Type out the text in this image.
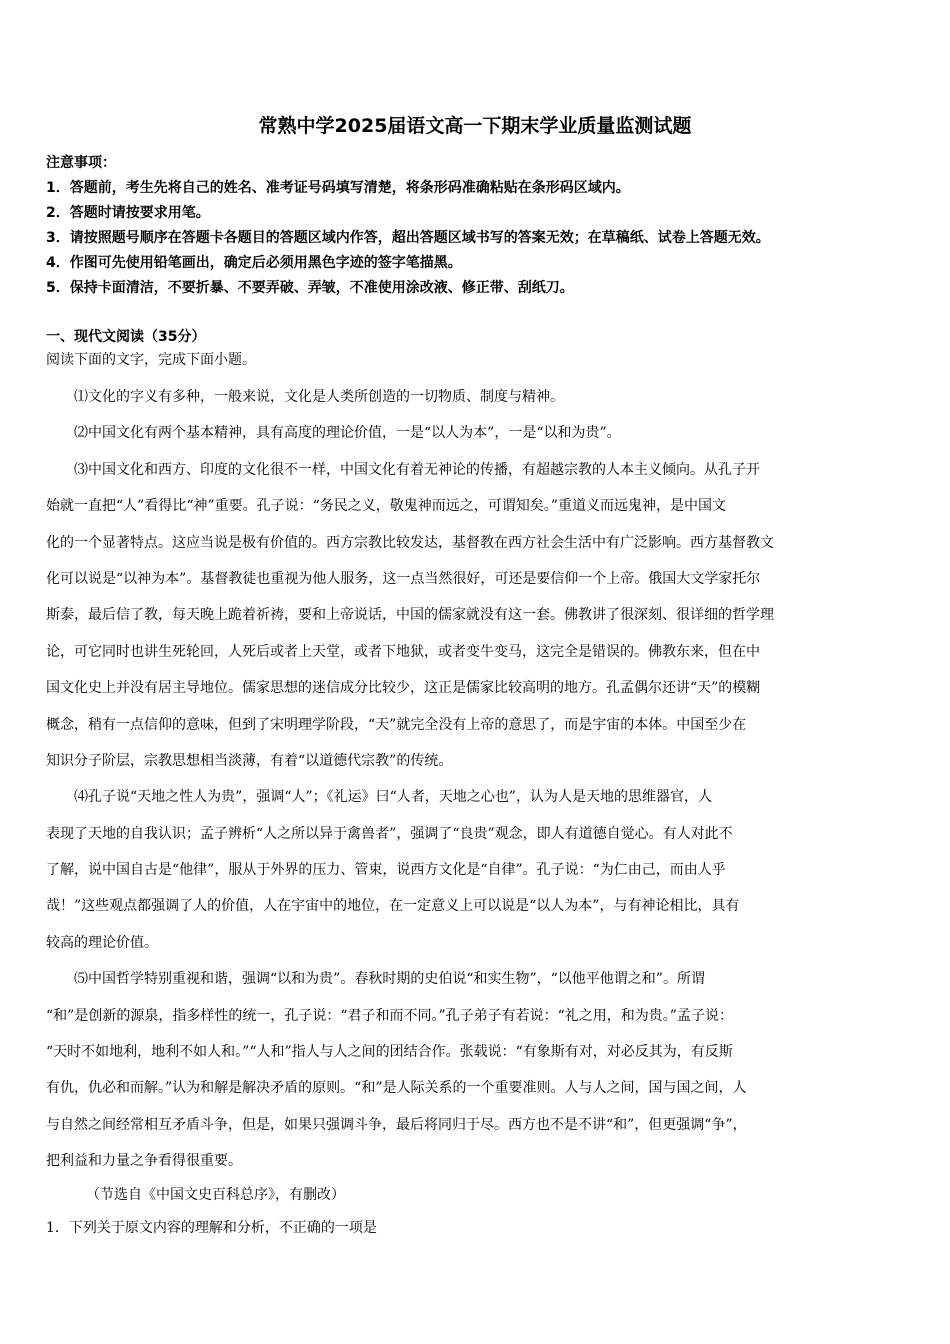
常熟中学2025届语文高一下期末学业质量监测试题
注意事项：
1．答题前，考生先将自己的姓名、准考证号码填写清楚，将条形码准确粘贴在条形码区域内。
2．答题时请按要求用笔。
3．请按照题号顺序在答题卡各题目的答题区域内作答，超出答题区域书写的答案无效；在草稿纸、试卷上答题无效。
4．作图可先使用铅笔画出，确定后必须用黑色字迹的签字笔描黑。
5．保持卡面清洁，不要折暴、不要弄破、弄皱，不准使用涂改液、修正带、刮纸刀。
一、现代文阅读（35分）
阅读下面的文字，完成下面小题。
⑴文化的字义有多种，一般来说，文化是人类所创造的一切物质、制度与精神。
⑵中国文化有两个基本精神，具有高度的理论价值，一是“以人为本”，一是“以和为贵”。
⑶中国文化和西方、印度的文化很不一样，中国文化有着无神论的传播，有超越宗教的人本主义倾向。从孔子开
始就一直把“人”看得比“神”重要。孔子说：“务民之义，敬鬼神而远之，可谓知矣。”重道义而远鬼神，是中国文
化的一个显著特点。这应当说是极有价值的。西方宗教比较发达，基督教在西方社会生活中有广泛影响。西方基督教文
化可以说是“以神为本”。基督教徒也重视为他人服务，这一点当然很好，可还是要信仰一个上帝。俄国大文学家托尔
斯泰，最后信了教，每天晚上跪着祈祷，要和上帝说话，中国的儒家就没有这一套。佛教讲了很深刻、很详细的哲学理
论，可它同时也讲生死轮回，人死后或者上天堂，或者下地狱，或者变牛变马，这完全是错误的。佛教东来，但在中
国文化史上并没有居主导地位。儒家思想的迷信成分比较少，这正是儒家比较高明的地方。孔孟偶尔还讲“天”的模糊
概念，稍有一点信仰的意味，但到了宋明理学阶段，“天”就完全没有上帝的意思了，而是宇宙的本体。中国至少在
知识分子阶层，宗教思想相当淡薄，有着“以道德代宗教”的传统。
⑷孔子说“天地之性人为贵”，强调“人”；《礼运》曰“人者，天地之心也”，认为人是天地的思维器官，人
表现了天地的自我认识；孟子辨析“人之所以异于禽兽者”，强调了“良贵”观念，即人有道德自觉心。有人对此不
了解，说中国自古是“他律”，服从于外界的压力、管束，说西方文化是“自律”。孔子说：“为仁由己，而由人乎
哉！”这些观点都强调了人的价值，人在宇宙中的地位，在一定意义上可以说是“以人为本”，与有神论相比，具有
较高的理论价值。
⑸中国哲学特别重视和谐，强调“以和为贵”。春秋时期的史伯说“和实生物”，“以他平他谓之和”。所谓
“和”是创新的源泉，指多样性的统一，孔子说：“君子和而不同。”孔子弟子有若说：“礼之用，和为贵。”孟子说：
“天时不如地利，地利不如人和。”“人和”指人与人之间的团结合作。张载说：“有象斯有对，对必反其为，有反斯
有仇，仇必和而解。”认为和解是解决矛盾的原则。“和”是人际关系的一个重要准则。人与人之间，国与国之间，人
与自然之间经常相互矛盾斗争，但是，如果只强调斗争，最后将同归于尽。西方也不是不讲“和”，但更强调“争”，
把利益和力量之争看得很重要。
（节选自《中国文史百科总序》，有删改）
1．下列关于原文内容的理解和分析，不正确的一项是
